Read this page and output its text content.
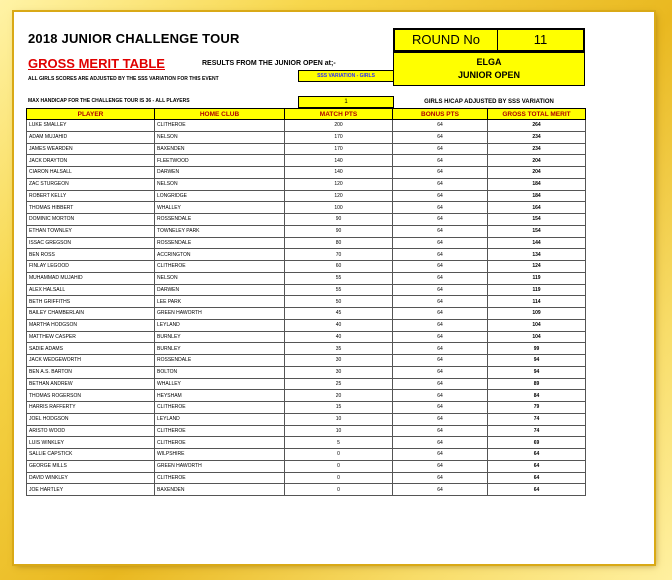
2018 JUNIOR CHALLENGE TOUR	ROUND No	11
GROSS MERIT TABLE	RESULTS FROM THE JUNIOR OPEN at;-
ALL GIRLS SCORES ARE ADJUSTED BY THE SSS VARIATION FOR THIS EVENT	SSS VARIATION - GIRLS
ELGA
JUNIOR OPEN
MAX HANDICAP FOR THE CHALLENGE TOUR IS 36 - ALL PLAYERS	1	GIRLS H/CAP ADJUSTED BY SSS VARIATION
PLAYER	HOME CLUB	MATCH PTS	BONUS PTS	GROSS TOTAL MERIT
LUKE SMALLEY	CLITHEROE	200	64	264
ADAM MUJAHID	NELSON	170	64	234
JAMES WEARDEN	BAXENDEN	170	64	234
JACK DRAYTON	FLEETWOOD	140	64	204
CIARON HALSALL	DARWEN	140	64	204
ZAC STURGEON	NELSON	120	64	184
ROBERT KELLY	LONGRIDGE	120	64	184
THOMAS HIBBERT	WHALLEY	100	64	164
DOMINIC MORTON	ROSSENDALE	90	64	154
ETHAN TOWNLEY	TOWNELEY PARK	90	64	154
ISSAC GREGSON	ROSSENDALE	80	64	144
BEN ROSS	ACCRINGTON	70	64	134
FINLAY LEGOOD	CLITHEROE	60	64	124
MUHAMMAD MUJAHID	NELSON	55	64	119
ALEX HALSALL	DARWEN	55	64	119
BETH GRIFFITHS	LEE PARK	50	64	114
BAILEY CHAMBERLAIN	GREEN HAWORTH	45	64	109
MARTHA HODGSON	LEYLAND	40	64	104
MATTHEW CASPER	BURNLEY	40	64	104
SADIE ADAMS	BURNLEY	35	64	99
JACK WEDGEWORTH	ROSSENDALE	30	64	94
BEN A.S. BARTON	BOLTON	30	64	94
BETHAN ANDREW	WHALLEY	25	64	89
THOMAS ROGERSON	HEYSHAM	20	64	84
HARRIS RAFFERTY	CLITHEROE	15	64	79
JOEL HODGSON	LEYLAND	10	64	74
ARISTO WOOD	CLITHEROE	10	64	74
LUIS WINKLEY	CLITHEROE	5	64	69
SALLIE CAPSTICK	WILPSHIRE	0	64	64
GEORGE MILLS	GREEN HAWORTH	0	64	64
DAVID WINKLEY	CLITHEROE	0	64	64
JOE HARTLEY	BAXENDEN	0	64	64
